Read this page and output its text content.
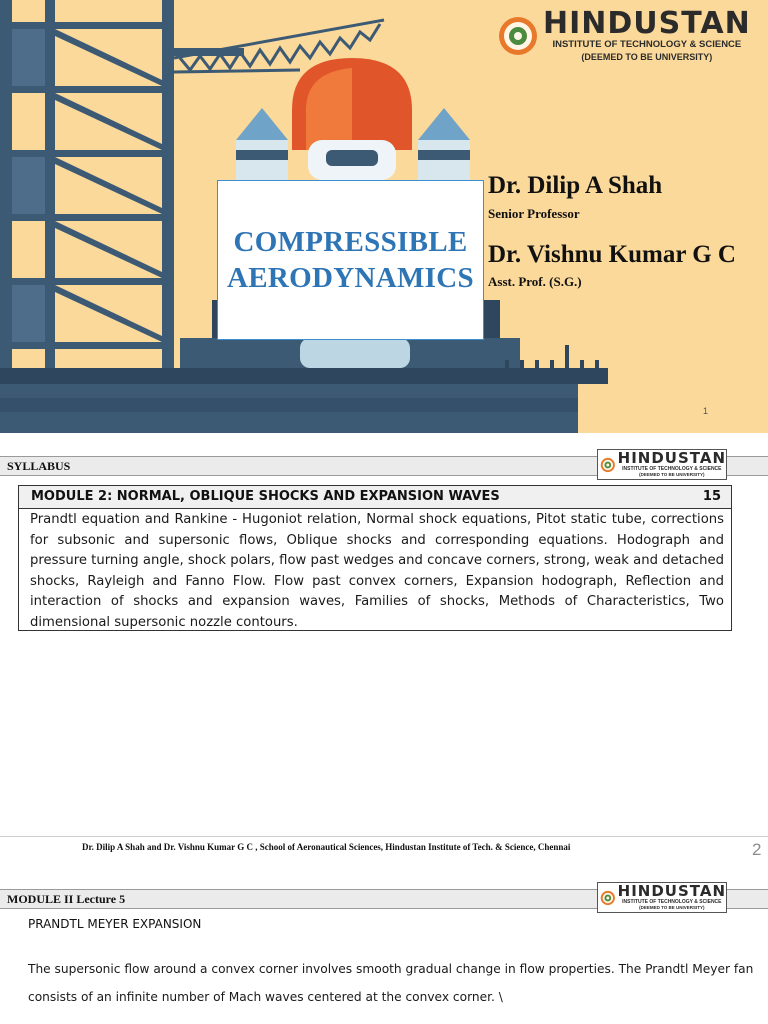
HINDUSTAN
INSTITUTE OF TECHNOLOGY & SCIENCE
(DEEMED TO BE UNIVERSITY)
COMPRESSIBLE AERODYNAMICS
Dr. Dilip A Shah
Senior Professor
Dr. Vishnu Kumar G C
Asst. Prof. (S.G.)
1
SYLLABUS	HINDUSTAN
INSTITUTE OF TECHNOLOGY & SCIENCE
(DEEMED TO BE UNIVERSITY)
MODULE 2: NORMAL, OBLIQUE SHOCKS AND EXPANSION WAVES	15
Prandtl equation and Rankine - Hugoniot relation, Normal shock equations, Pitot static tube, corrections for subsonic and supersonic flows, Oblique shocks and corresponding equations. Hodograph and pressure turning angle, shock polars, flow past wedges and concave corners, strong, weak and detached shocks, Rayleigh and Fanno Flow. Flow past convex corners, Expansion hodograph, Reflection and interaction of shocks and expansion waves, Families of shocks, Methods of Characteristics, Two dimensional supersonic nozzle contours.
Dr. Dilip A Shah and Dr. Vishnu Kumar G C , School of Aeronautical Sciences, Hindustan Institute of Tech. & Science, Chennai	2
MODULE II Lecture 5	HINDUSTAN
INSTITUTE OF TECHNOLOGY & SCIENCE
(DEEMED TO BE UNIVERSITY)
PRANDTL MEYER EXPANSION
The supersonic flow around a convex corner involves smooth gradual change in flow properties. The Prandtl Meyer fan consists of an infinite number of Mach waves centered at the convex corner. \
